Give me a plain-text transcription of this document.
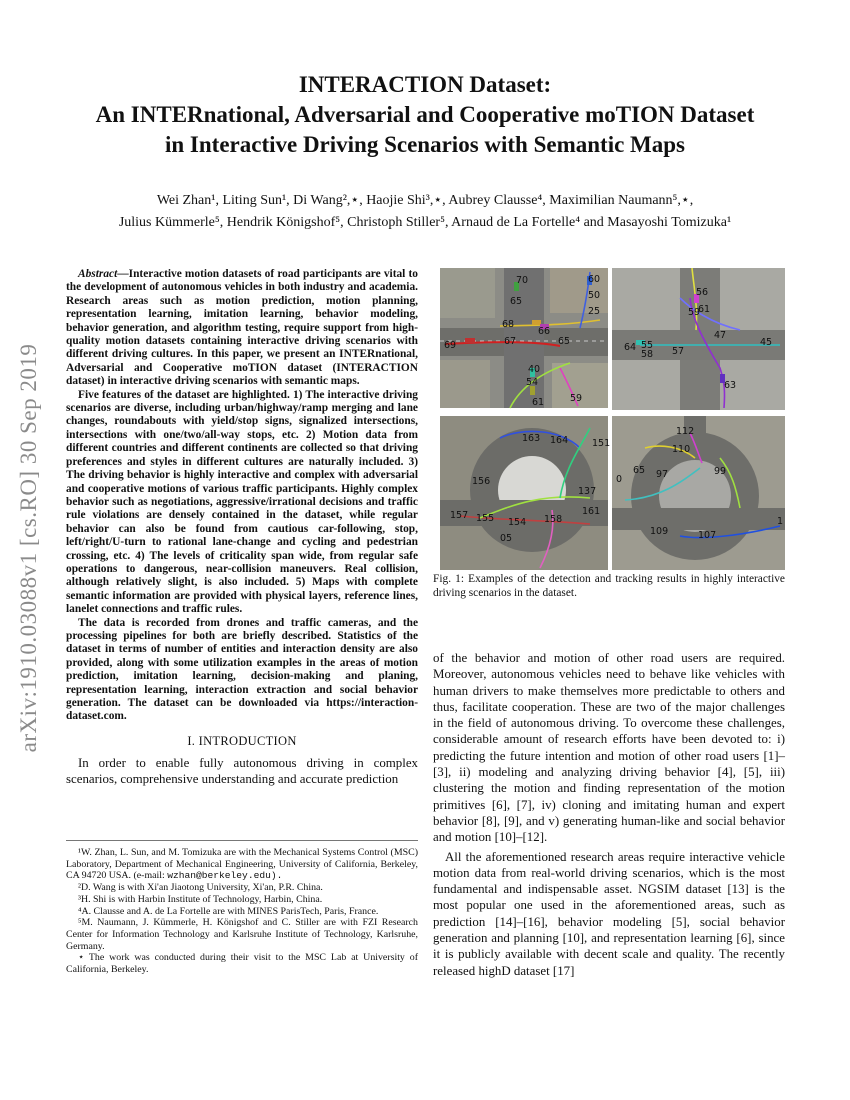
INTERACTION Dataset:
An INTERnational, Adversarial and Cooperative moTION Dataset
in Interactive Driving Scenarios with Semantic Maps
Wei Zhan¹, Liting Sun¹, Di Wang²,⋆, Haojie Shi³,⋆, Aubrey Clausse⁴, Maximilian Naumann⁵,⋆,
Julius Kümmerle⁵, Hendrik Königshof⁵, Christoph Stiller⁵, Arnaud de La Fortelle⁴ and Masayoshi Tomizuka¹
arXiv:1910.03088v1 [cs.RO] 30 Sep 2019

Abstract—Interactive motion datasets of road participants are vital to the development of autonomous vehicles in both industry and academia. Research areas such as motion prediction, motion planning, representation learning, imitation learning, behavior modeling, behavior generation, and algorithm testing, require support from high-quality motion datasets containing interactive driving scenarios with different driving cultures. In this paper, we present an INTERnational, Adversarial and Cooperative moTION dataset (INTERACTION dataset) in interactive driving scenarios with semantic maps.

Five features of the dataset are highlighted. 1) The interactive driving scenarios are diverse, including urban/highway/ramp merging and lane changes, roundabouts with yield/stop signs, signalized intersections, intersections with one/two/all-way stops, etc. 2) Motion data from different countries and different continents are collected so that driving preferences and styles in different cultures are naturally included. 3) The driving behavior is highly interactive and complex with adversarial and cooperative motions of various traffic participants. Highly complex behavior such as negotiations, aggressive/irrational decisions and traffic rule violations are densely contained in the dataset, while regular behavior can also be found from cautious car-following, stop, left/right/U-turn to rational lane-change and cycling and pedestrian crossing, etc. 4) The levels of criticality span wide, from regular safe operations to dangerous, near-collision maneuvers. Real collision, although relatively slight, is also included. 5) Maps with complete semantic information are provided with physical layers, reference lines, lanelet connections and traffic rules.

The data is recorded from drones and traffic cameras, and the processing pipelines for both are briefly described. Statistics of the dataset in terms of number of entities and interaction density are also provided, along with some utilization examples in the areas of motion prediction, imitation learning, decision-making and planing, representation learning, interaction extraction and social behavior generation. The dataset can be downloaded via https://interaction-dataset.com.

I. INTRODUCTION

In order to enable fully autonomous driving in complex scenarios, comprehensive understanding and accurate prediction

¹W. Zhan, L. Sun, and M. Tomizuka are with the Mechanical Systems Control (MSC) Laboratory, Department of Mechanical Engineering, University of California, Berkeley, CA 94720 USA. (e-mail: wzhan@berkeley.edu).

²D. Wang is with Xi'an Jiaotong University, Xi'an, P.R. China.

³H. Shi is with Harbin Institute of Technology, Harbin, China.

⁴A. Clausse and A. de La Fortelle are with MINES ParisTech, Paris, France.

⁵M. Naumann, J. Kümmerle, H. Königshof and C. Stiller are with FZI Research Center for Information Technology and Karlsruhe Institute of Technology, Karlsruhe, Germany.

⋆ The work was conducted during their visit to the MSC Lab at University of California, Berkeley.

70	60
50
25
65
68
66
67
69	65
40
54
61	59
56
61
59
47
64 55
58 57
45
63
163 164	151
156
137
157 155 154 158
161
05
112
110
65 97	99
0
109	107
1
Fig. 1: Examples of the detection and tracking results in highly interactive driving scenarios in the dataset.

of the behavior and motion of other road users are required. Moreover, autonomous vehicles need to behave like vehicles with human drivers to make themselves more predictable to others and thus, facilitate cooperation. These are two of the major challenges in the field of autonomous driving. To overcome these challenges, considerable amount of research efforts have been devoted to: i) predicting the future intention and motion of other road users [1]–[3], ii) modeling and analyzing driving behavior [4], [5], iii) clustering the motion and finding representation of the motion primitives [6], [7], iv) cloning and imitating human and expert behavior [8], [9], and v) generating human-like and social behavior and motion [10]–[12].

All the aforementioned research areas require interactive vehicle motion data from real-world driving scenarios, which is the most fundamental and indispensable asset. NGSIM dataset [13] is the most popular one used in the aforementioned areas, such as prediction [14]–[16], behavior modeling [5], social behavior generation and planning [10], and representation learning [6], since it is publicly available with decent scale and quality. The recently released highD dataset [17]
